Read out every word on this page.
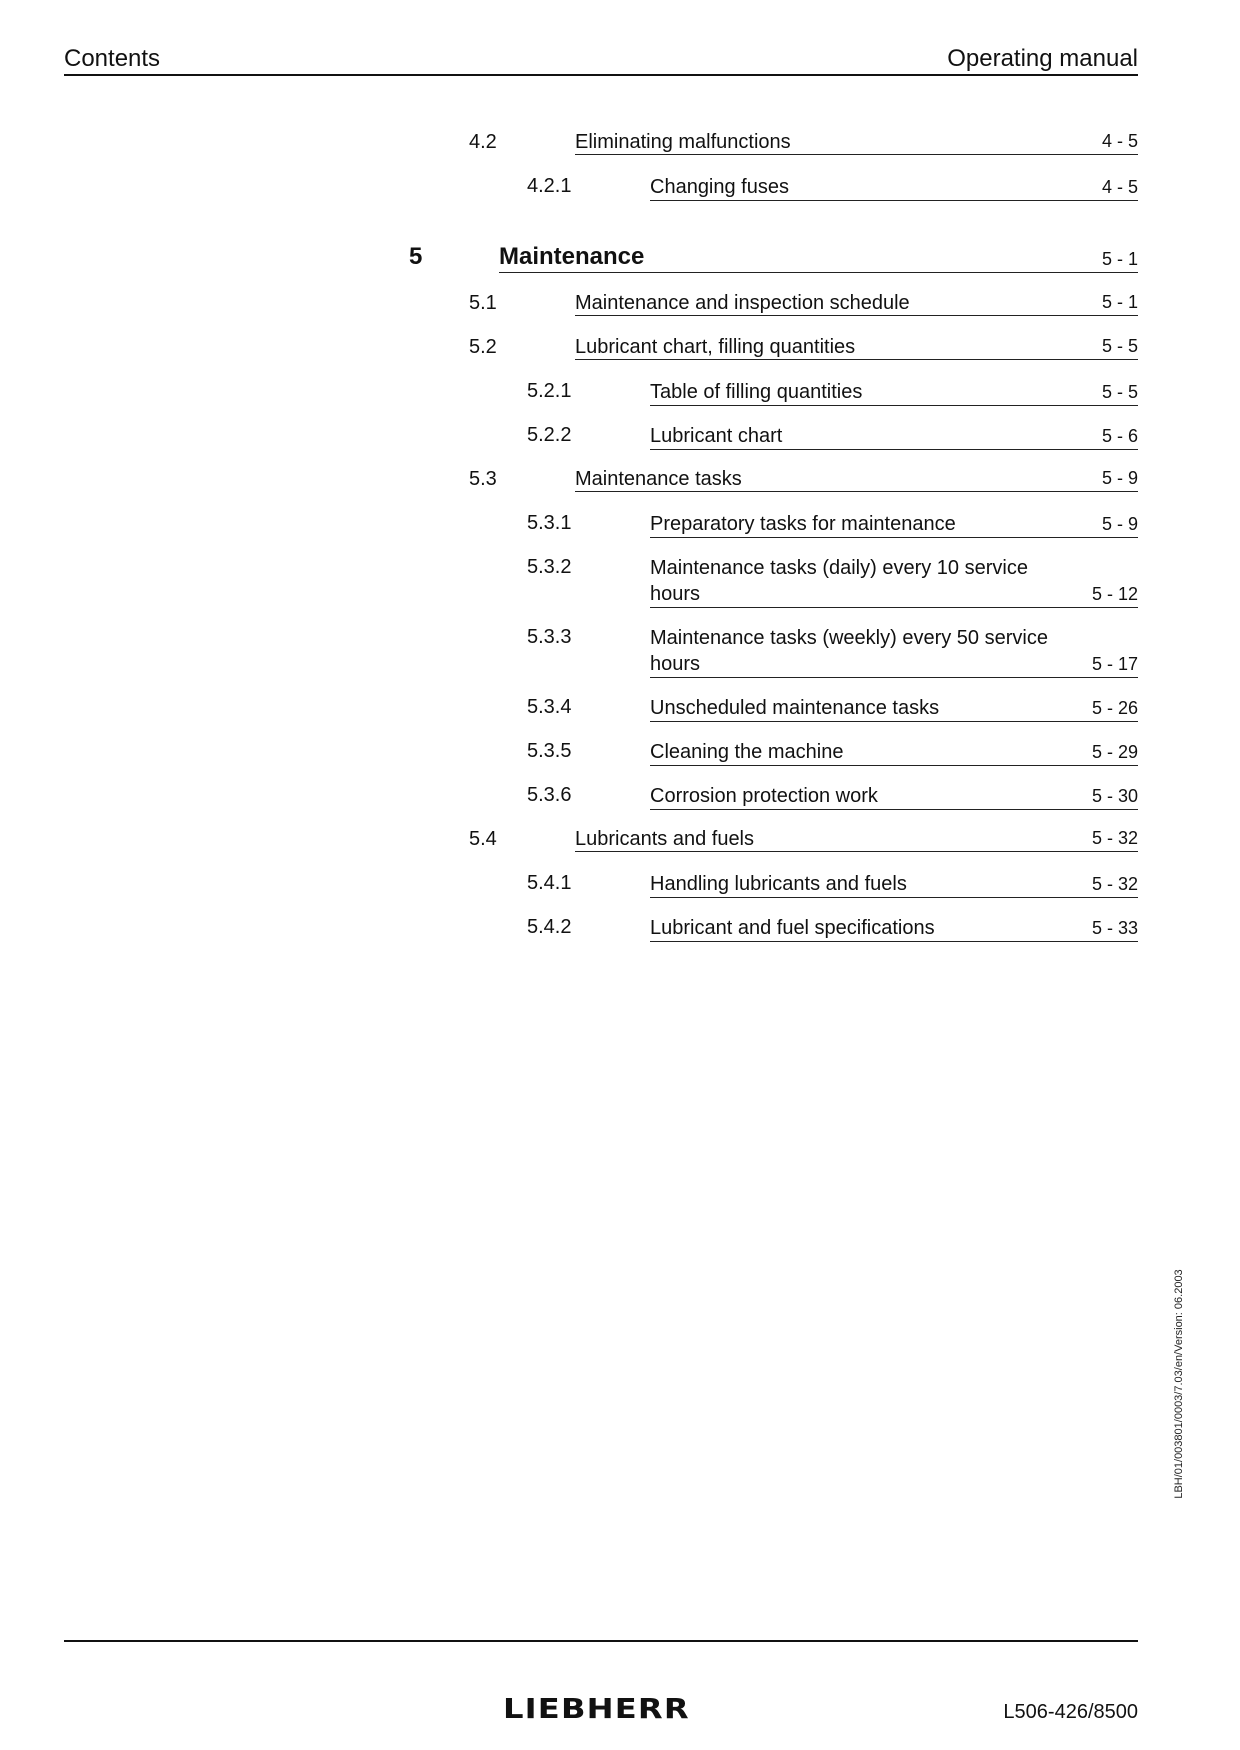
Contents	Operating manual
4.2	Eliminating malfunctions	4 - 5
4.2.1	Changing fuses	4 - 5
5	Maintenance	5 - 1
5.1	Maintenance and inspection schedule	5 - 1
5.2	Lubricant chart, filling quantities	5 - 5
5.2.1	Table of filling quantities	5 - 5
5.2.2	Lubricant chart	5 - 6
5.3	Maintenance tasks	5 - 9
5.3.1	Preparatory tasks for maintenance	5 - 9
5.3.2	Maintenance tasks (daily) every 10 service hours	5 - 12
5.3.3	Maintenance tasks (weekly) every 50 service hours	5 - 17
5.3.4	Unscheduled maintenance tasks	5 - 26
5.3.5	Cleaning the machine	5 - 29
5.3.6	Corrosion protection work	5 - 30
5.4	Lubricants and fuels	5 - 32
5.4.1	Handling lubricants and fuels	5 - 32
5.4.2	Lubricant and fuel specifications	5 - 33
LBH/01/003801/0003/7.03/en/Version: 06.2003
LIEBHERR	L506-426/8500
